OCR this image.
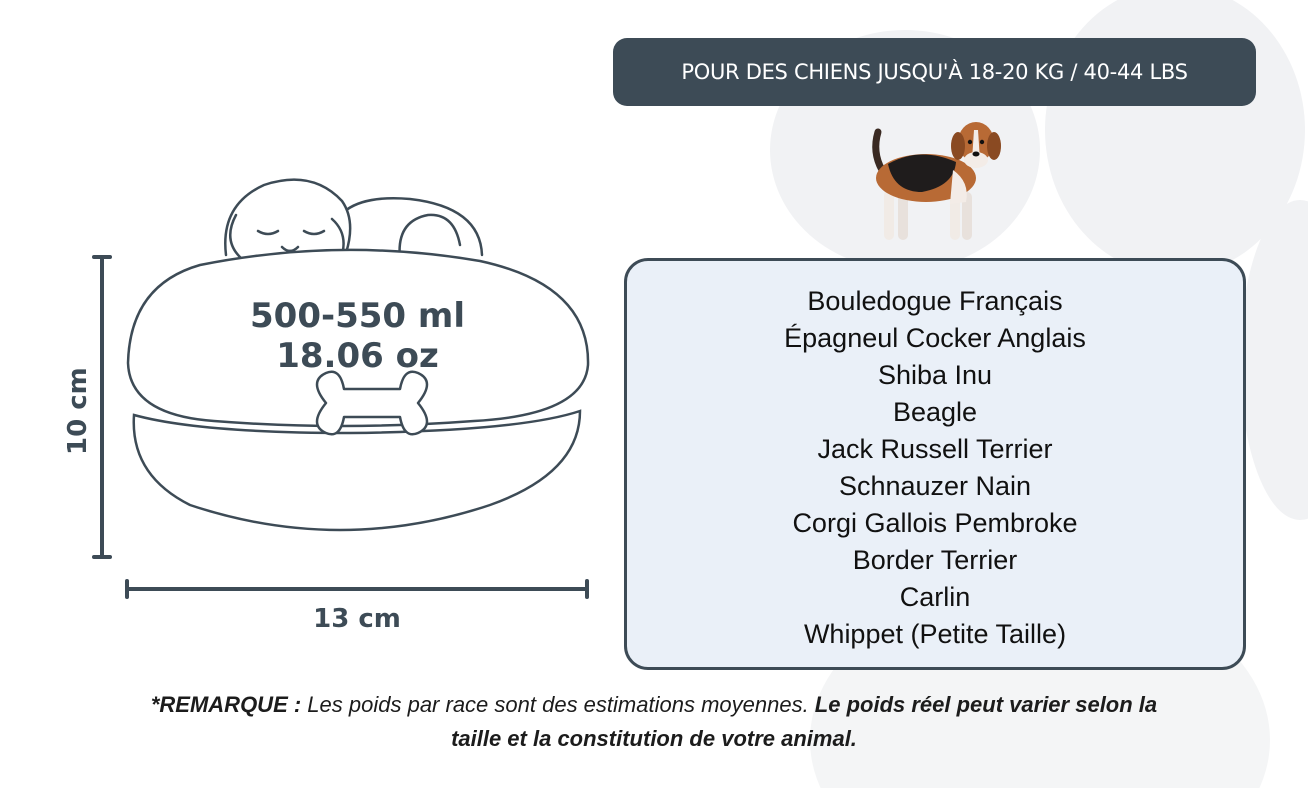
POUR DES CHIENS JUSQU'À 18-20 KG / 40-44 LBS
500-550 ml
18.06 oz
10 cm
13 cm
Bouledogue Français
Épagneul Cocker Anglais
Shiba Inu
Beagle
Jack Russell Terrier
Schnauzer Nain
Corgi Gallois Pembroke
Border Terrier
Carlin
Whippet (Petite Taille)
*REMARQUE : Les poids par race sont des estimations moyennes. Le poids réel peut varier selon la taille et la constitution de votre animal.
